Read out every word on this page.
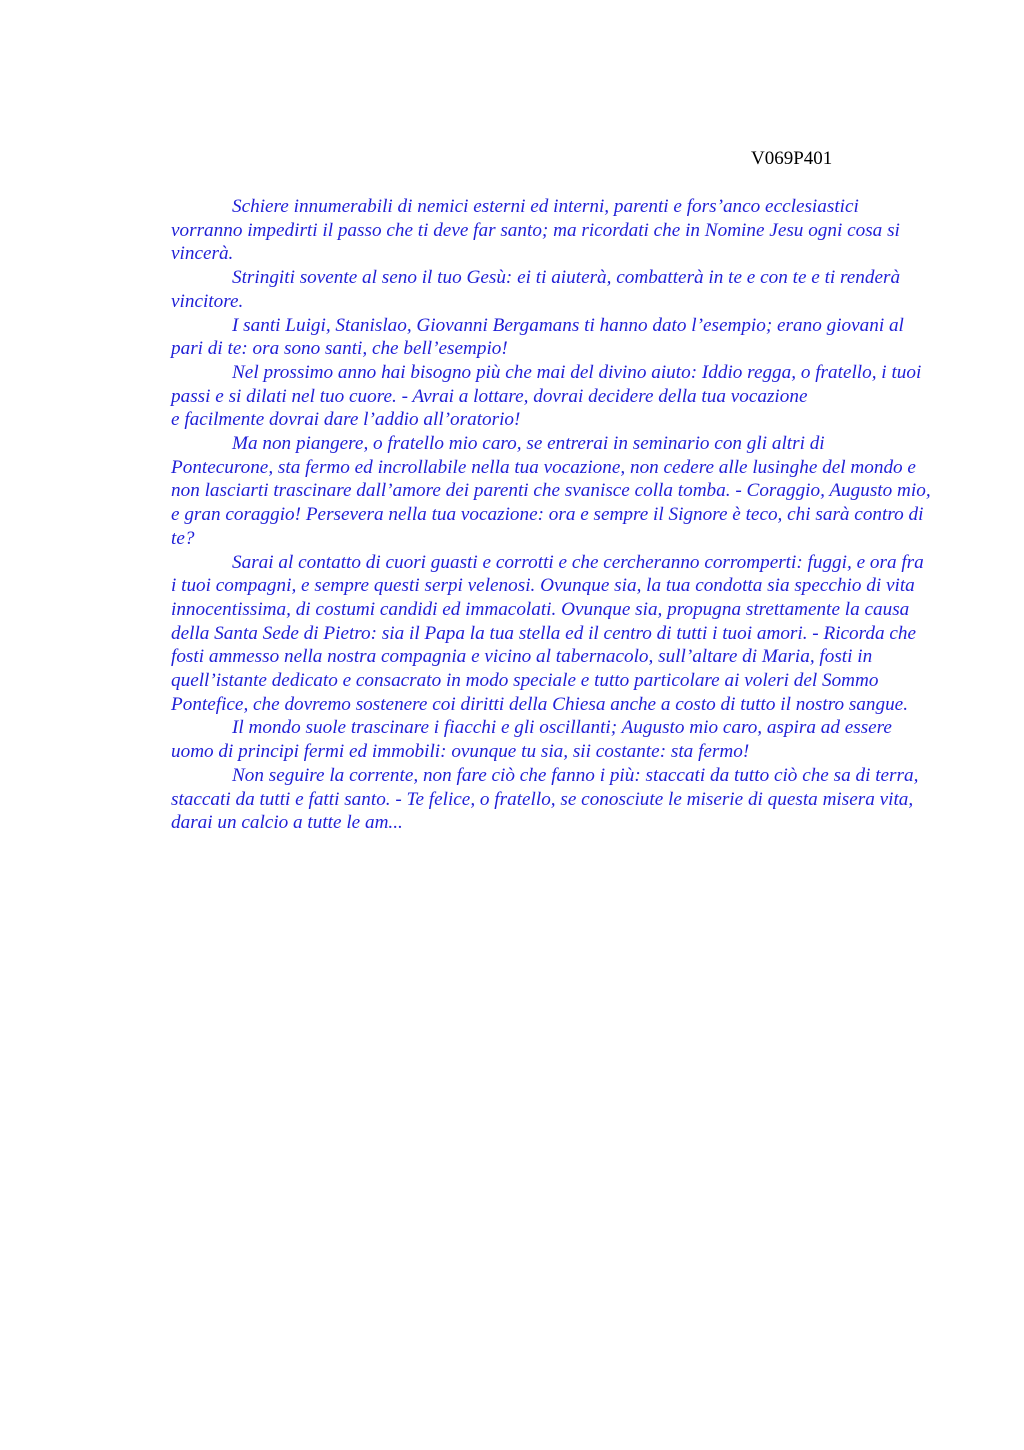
V069P401

Schiere innumerabili di nemici esterni ed interni, parenti e fors’anco ecclesiastici vorranno impedirti il passo che ti deve far santo; ma ricordati che in Nomine Jesu ogni cosa si vincerà.

Stringiti sovente al seno il tuo Gesù: ei ti aiuterà, combatterà in te e con te e ti renderà vincitore.

I santi Luigi, Stanislao, Giovanni Bergamans ti hanno dato l’esempio; erano giovani al pari di te: ora sono santi, che bell’esempio!

Nel prossimo anno hai bisogno più che mai del divino aiuto: Iddio regga, o fratello, i tuoi passi e si dilati nel tuo cuore. - Avrai a lottare, dovrai decidere della tua vocazione

e facilmente dovrai dare l’addio all’oratorio!

Ma non piangere, o fratello mio caro, se entrerai in seminario con gli altri di Pontecurone, sta fermo ed incrollabile nella tua vocazione, non cedere alle lusinghe del mondo e non lasciarti trascinare dall’amore dei parenti che svanisce colla tomba. - Coraggio, Augusto mio, e gran coraggio! Persevera nella tua vocazione: ora e sempre il Signore è teco, chi sarà contro di te?

Sarai al contatto di cuori guasti e corrotti e che cercheranno corromperti: fuggi, e ora fra i tuoi compagni, e sempre questi serpi velenosi. Ovunque sia, la tua condotta sia specchio di vita innocentissima, di costumi candidi ed immacolati. Ovunque sia, propugna strettamente la causa della Santa Sede di Pietro: sia il Papa la tua stella ed il centro di tutti i tuoi amori. - Ricorda che fosti ammesso nella nostra compagnia e vicino al tabernacolo, sull’altare di Maria, fosti in quell’istante dedicato e consacrato in modo speciale e tutto particolare ai voleri del Sommo Pontefice, che dovremo sostenere coi diritti della Chiesa anche a costo di tutto il nostro sangue.

Il mondo suole trascinare i fiacchi e gli oscillanti; Augusto mio caro, aspira ad essere uomo di principi fermi ed immobili: ovunque tu sia, sii costante: sta fermo!

Non seguire la corrente, non fare ciò che fanno i più: staccati da tutto ciò che sa di terra, staccati da tutti e fatti santo. - Te felice, o fratello, se conosciute le miserie di questa misera vita, darai un calcio a tutte le am...
